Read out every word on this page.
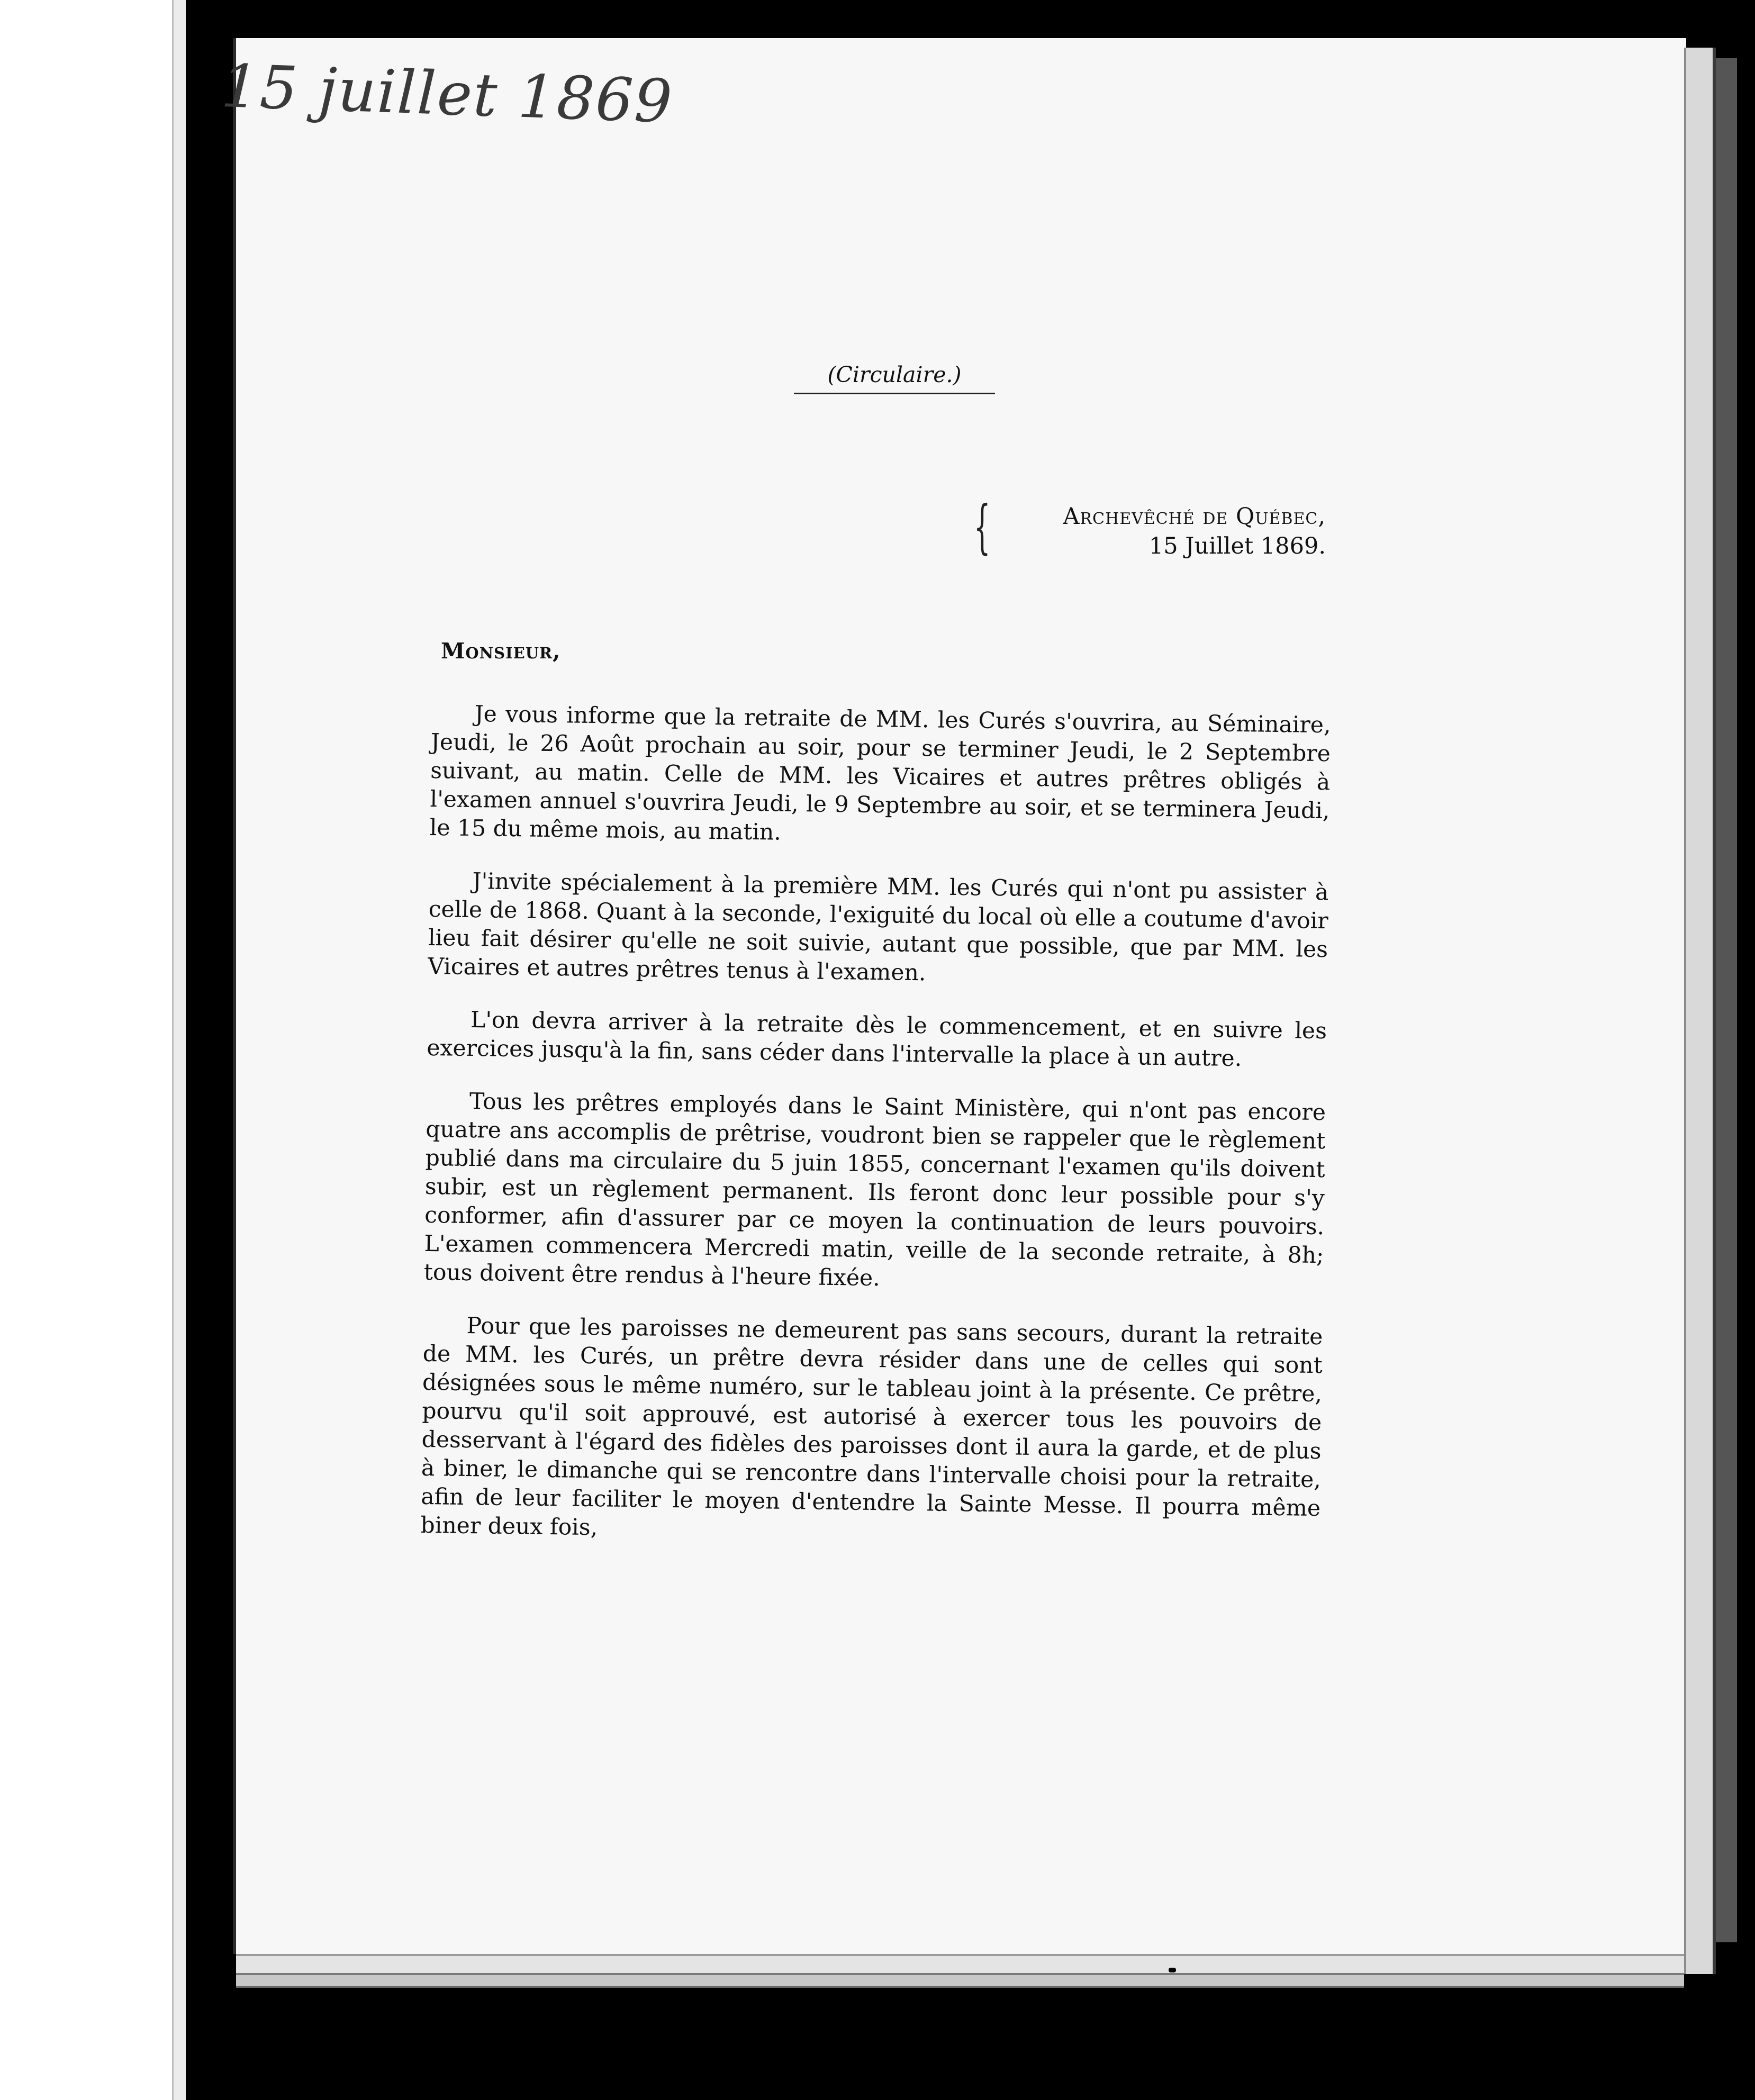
15 juillet 1869
(Circulaire.)
{	Archevêché de Québec,
15 Juillet 1869.
Monsieur,

Je vous informe que la retraite de MM. les Curés s'ouvrira, au Séminaire, Jeudi, le 26 Août prochain au soir, pour se terminer Jeudi, le 2 Septembre suivant, au matin. Celle de MM. les Vicaires et autres prêtres obligés à l'examen annuel s'ouvrira Jeudi, le 9 Septembre au soir, et se terminera Jeudi, le 15 du même mois, au matin.

J'invite spécialement à la première MM. les Curés qui n'ont pu assister à celle de 1868. Quant à la seconde, l'exiguité du local où elle a coutume d'avoir lieu fait désirer qu'elle ne soit suivie, autant que possible, que par MM. les Vicaires et autres prêtres tenus à l'examen.

L'on devra arriver à la retraite dès le commencement, et en suivre les exercices jusqu'à la fin, sans céder dans l'intervalle la place à un autre.

Tous les prêtres employés dans le Saint Ministère, qui n'ont pas encore quatre ans accomplis de prêtrise, voudront bien se rappeler que le règlement publié dans ma circulaire du 5 juin 1855, concernant l'examen qu'ils doivent subir, est un règlement permanent. Ils feront donc leur possible pour s'y conformer, afin d'assurer par ce moyen la continuation de leurs pouvoirs. L'examen commencera Mercredi matin, veille de la seconde retraite, à 8h; tous doivent être rendus à l'heure fixée.

Pour que les paroisses ne demeurent pas sans secours, durant la retraite de MM. les Curés, un prêtre devra résider dans une de celles qui sont désignées sous le même numéro, sur le tableau joint à la présente. Ce prêtre, pourvu qu'il soit approuvé, est autorisé à exercer tous les pouvoirs de desservant à l'égard des fidèles des paroisses dont il aura la garde, et de plus à biner, le dimanche qui se rencontre dans l'intervalle choisi pour la retraite, afin de leur faciliter le moyen d'entendre la Sainte Messe. Il pourra même biner deux fois,
